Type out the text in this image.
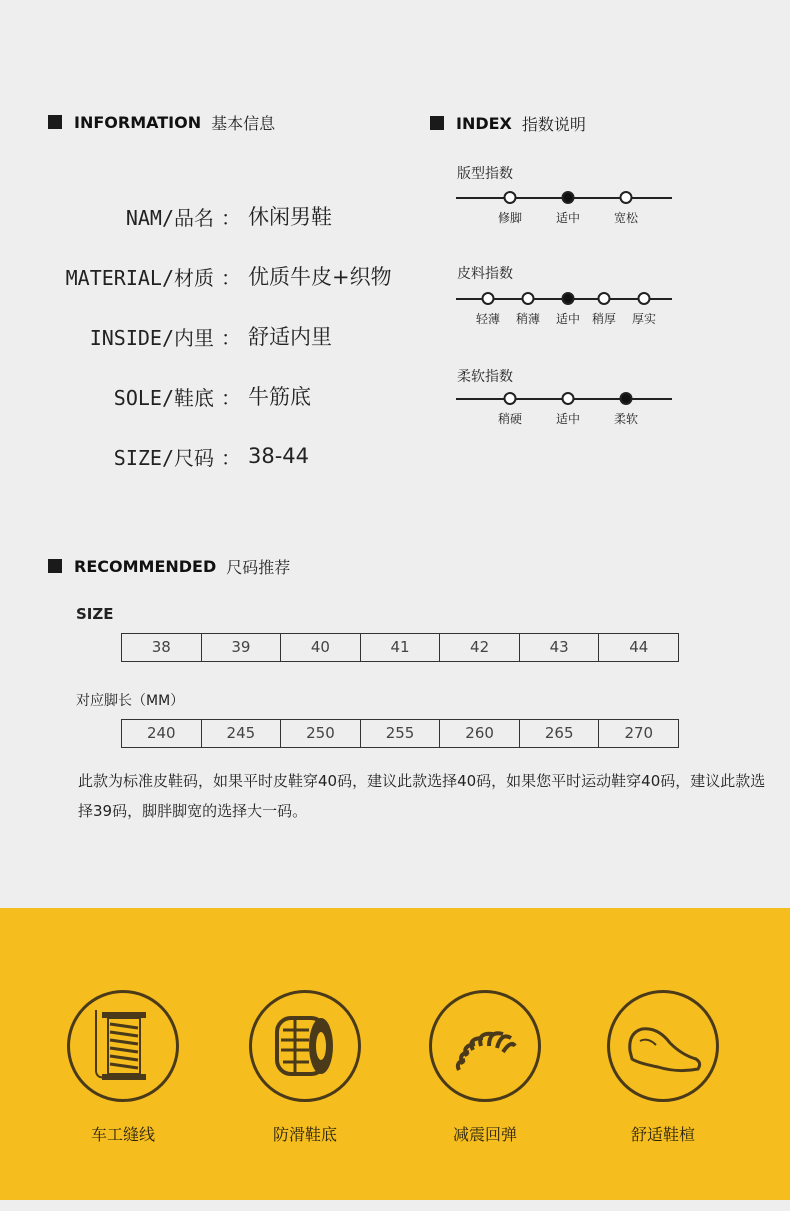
INFORMATION 基本信息
NAM/品名 ： 休闲男鞋
MATERIAL/材质 ： 优质牛皮+织物
INSIDE/内里 ： 舒适内里
SOLE/鞋底 ： 牛筋底
SIZE/尺码 ： 38-44
INDEX 指数说明
版型指数
修脚	适中	宽松
皮料指数
轻薄 稍薄 适中 稍厚 厚实
柔软指数
稍硬	适中	柔软
RECOMMENDED 尺码推荐
SIZE
38	39	40	41	42	43	44
对应脚长（MM）
240	245	250	255	260	265	270
此款为标准皮鞋码，如果平时皮鞋穿40码，建议此款选择40码，如果您平时运动鞋穿40码，建议此款选择39码，脚胖脚宽的选择大一码。
车工缝线	防滑鞋底	减震回弹	舒适鞋楦
